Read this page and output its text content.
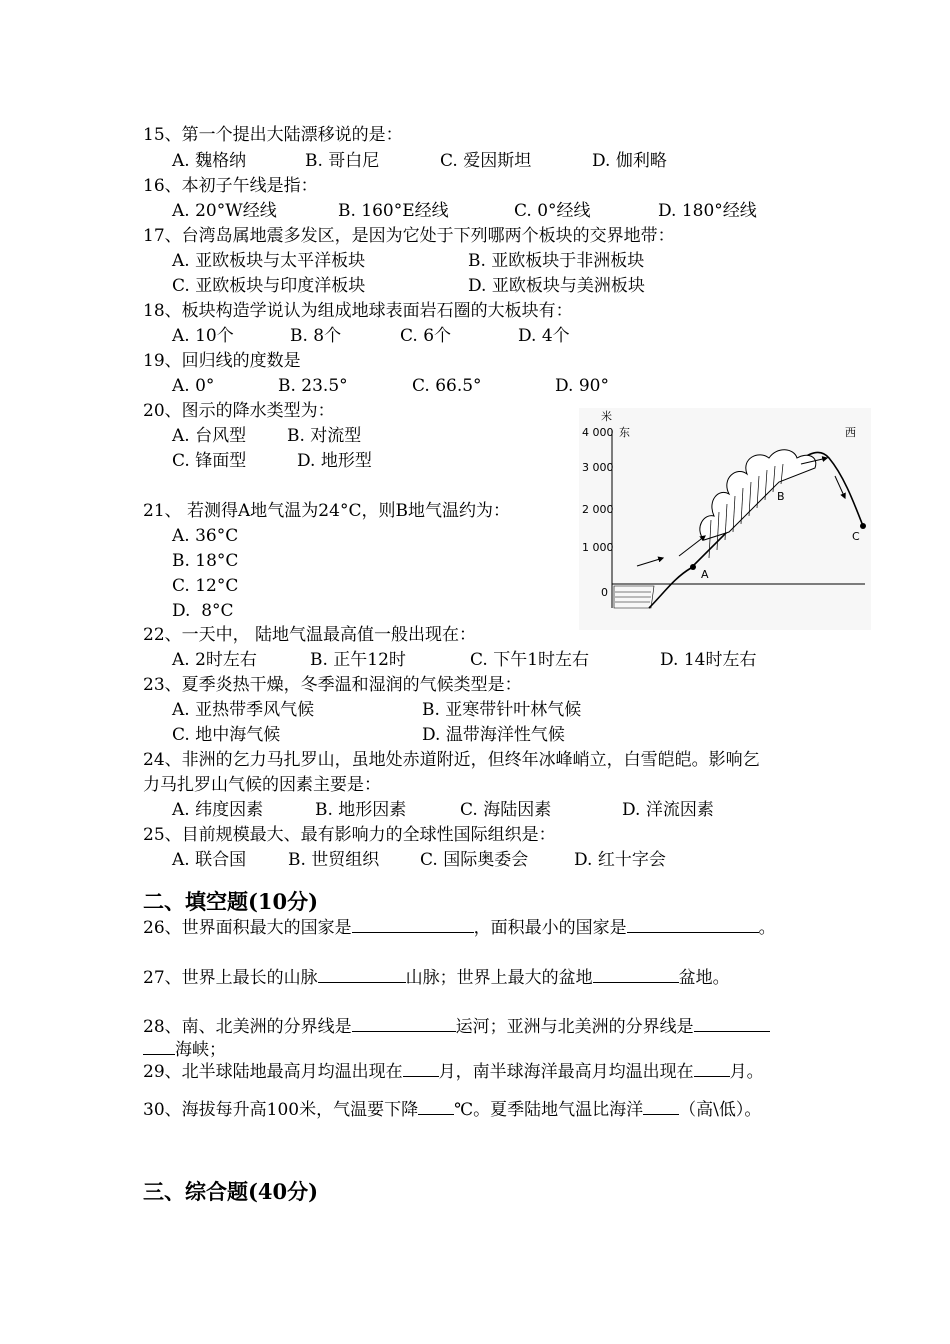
15、第一个提出大陆漂移说的是：
A. 魏格纳	B. 哥白尼	C. 爱因斯坦	D. 伽利略
16、本初子午线是指：
A. 20°W经线	B. 160°E经线	C. 0°经线	D. 180°经线
17、台湾岛属地震多发区，是因为它处于下列哪两个板块的交界地带：
A. 亚欧板块与太平洋板块	B. 亚欧板块于非洲板块
C. 亚欧板块与印度洋板块	D. 亚欧板块与美洲板块
18、板块构造学说认为组成地球表面岩石圈的大板块有：
A. 10个	B. 8个	C. 6个	D. 4个
19、回归线的度数是
A. 0°	B. 23.5°	C. 66.5°	D. 90°
20、图示的降水类型为：
A. 台风型 B. 对流型
C. 锋面型	D. 地形型
21、 若测得A地气温为24°C，则B地气温约为：
A. 36°C
B. 18°C
C. 12°C
D.  8°C
米
4 000
3 000
2 000
1 000
0
东	西
A
B
C
22、一天中， 陆地气温最高值一般出现在：
A. 2时左右	B. 正午12时	C. 下午1时左右	D. 14时左右
23、夏季炎热干燥，冬季温和湿润的气候类型是：
A. 亚热带季风气候	B. 亚寒带针叶林气候
C. 地中海气候	D. 温带海洋性气候
24、非洲的乞力马扎罗山，虽地处赤道附近，但终年冰峰峭立，白雪皑皑。影响乞
力马扎罗山气候的因素主要是：
A. 纬度因素	B. 地形因素	C. 海陆因素	D. 洋流因素
25、目前规模最大、最有影响力的全球性国际组织是：
A. 联合国 B. 世贸组织 C. 国际奥委会	D. 红十字会
二、填空题(10分)
26、世界面积最大的国家是	，面积最小的国家是	。
27、世界上最长的山脉	山脉；世界上最大的盆地	盆地。
28、南、北美洲的分界线是	运河；亚洲与北美洲的分界线是
海峡；
29、北半球陆地最高月均温出现在 月，南半球海洋最高月均温出现在 月。
30、海拔每升高100米，气温要下降 ℃。夏季陆地气温比海洋 （高\低）。
三、综合题(40分)
